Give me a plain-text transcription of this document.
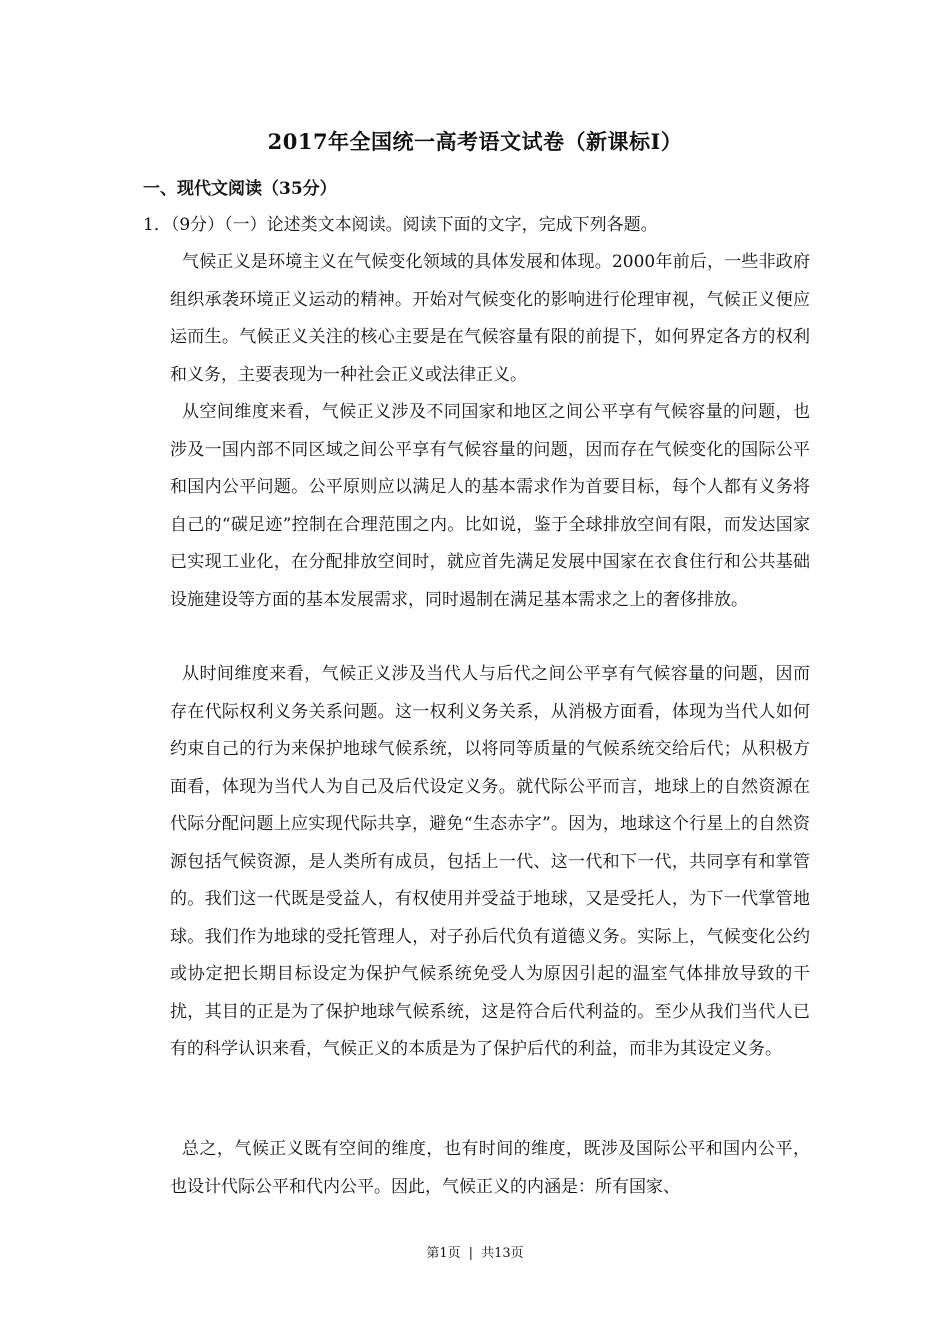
2017年全国统一高考语文试卷（新课标Ⅰ）
一、现代文阅读（35分）
1．（9分）（一）论述类文本阅读。阅读下面的文字，完成下列各题。

气候正义是环境主义在气候变化领域的具体发展和体现。2000年前后，一些非政府组织承袭环境正义运动的精神。开始对气候变化的影响进行伦理审视，气候正义便应运而生。气候正义关注的核心主要是在气候容量有限的前提下，如何界定各方的权利和义务，主要表现为一种社会正义或法律正义。

从空间维度来看，气候正义涉及不同国家和地区之间公平享有气候容量的问题，也涉及一国内部不同区域之间公平享有气候容量的问题，因而存在气候变化的国际公平和国内公平问题。公平原则应以满足人的基本需求作为首要目标，每个人都有义务将自己的“碳足迹”控制在合理范围之内。比如说，鉴于全球排放空间有限，而发达国家已实现工业化，在分配排放空间时，就应首先满足发展中国家在衣食住行和公共基础设施建设等方面的基本发展需求，同时遏制在满足基本需求之上的奢侈排放。

从时间维度来看，气候正义涉及当代人与后代之间公平享有气候容量的问题，因而存在代际权利义务关系问题。这一权利义务关系，从消极方面看，体现为当代人如何约束自己的行为来保护地球气候系统，以将同等质量的气候系统交给后代；从积极方面看，体现为当代人为自己及后代设定义务。就代际公平而言，地球上的自然资源在代际分配问题上应实现代际共享，避免“生态赤字”。因为，地球这个行星上的自然资源包括气候资源，是人类所有成员，包括上一代、这一代和下一代，共同享有和掌管的。我们这一代既是受益人，有权使用并受益于地球，又是受托人，为下一代掌管地球。我们作为地球的受托管理人，对子孙后代负有道德义务。实际上，气候变化公约或协定把长期目标设定为保护气候系统免受人为原因引起的温室气体排放导致的干扰，其目的正是为了保护地球气候系统，这是符合后代利益的。至少从我们当代人已有的科学认识来看，气候正义的本质是为了保护后代的利益，而非为其设定义务。

总之，气候正义既有空间的维度，也有时间的维度，既涉及国际公平和国内公平，也设计代际公平和代内公平。因此，气候正义的内涵是：所有国家、

第1页 | 共13页
